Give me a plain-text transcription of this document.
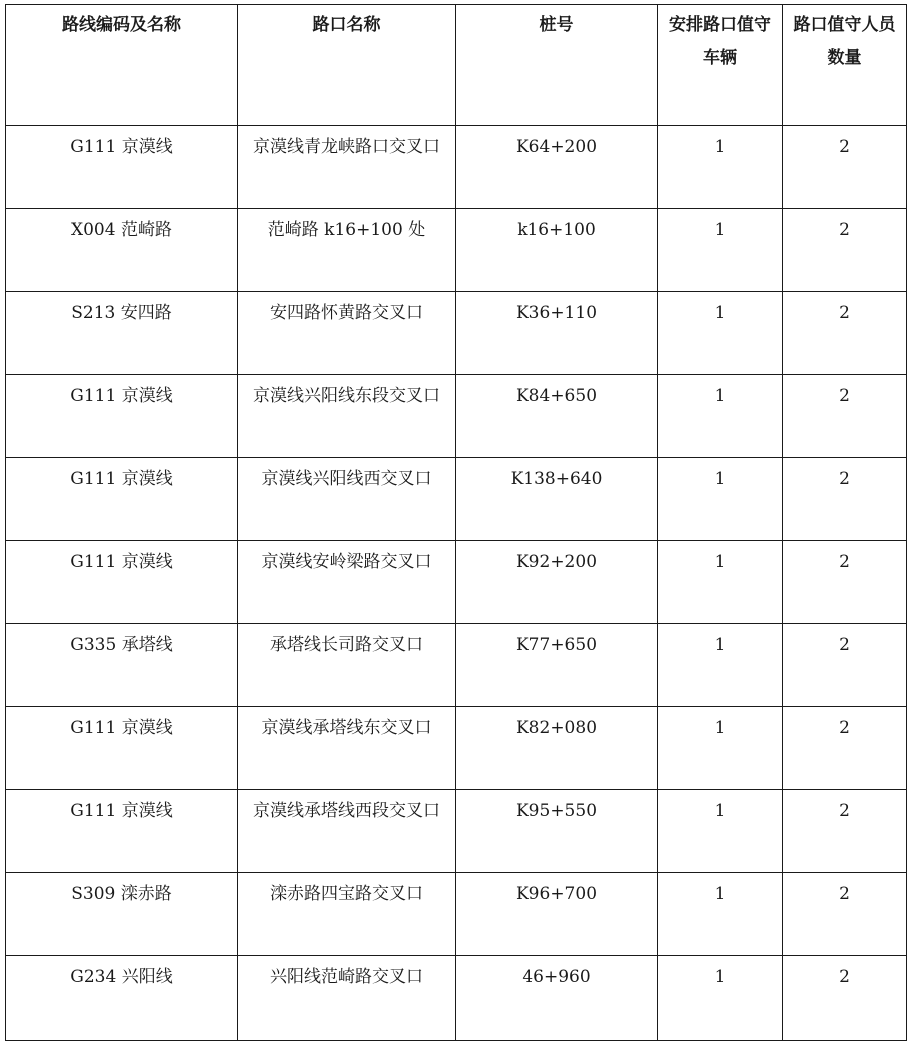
路线编码及名称	路口名称	桩号	安排路口值守车辆	路口值守人员数量
G111 京漠线	京漠线青龙峡路口交叉口	K64+200	1	2
X004 范崎路	范崎路 k16+100 处	k16+100	1	2
S213 安四路	安四路怀黄路交叉口	K36+110	1	2
G111 京漠线	京漠线兴阳线东段交叉口	K84+650	1	2
G111 京漠线	京漠线兴阳线西交叉口	K138+640	1	2
G111 京漠线	京漠线安岭梁路交叉口	K92+200	1	2
G335 承塔线	承塔线长司路交叉口	K77+650	1	2
G111 京漠线	京漠线承塔线东交叉口	K82+080	1	2
G111 京漠线	京漠线承塔线西段交叉口	K95+550	1	2
S309 滦赤路	滦赤路四宝路交叉口	K96+700	1	2
G234 兴阳线	兴阳线范崎路交叉口	46+960	1	2
